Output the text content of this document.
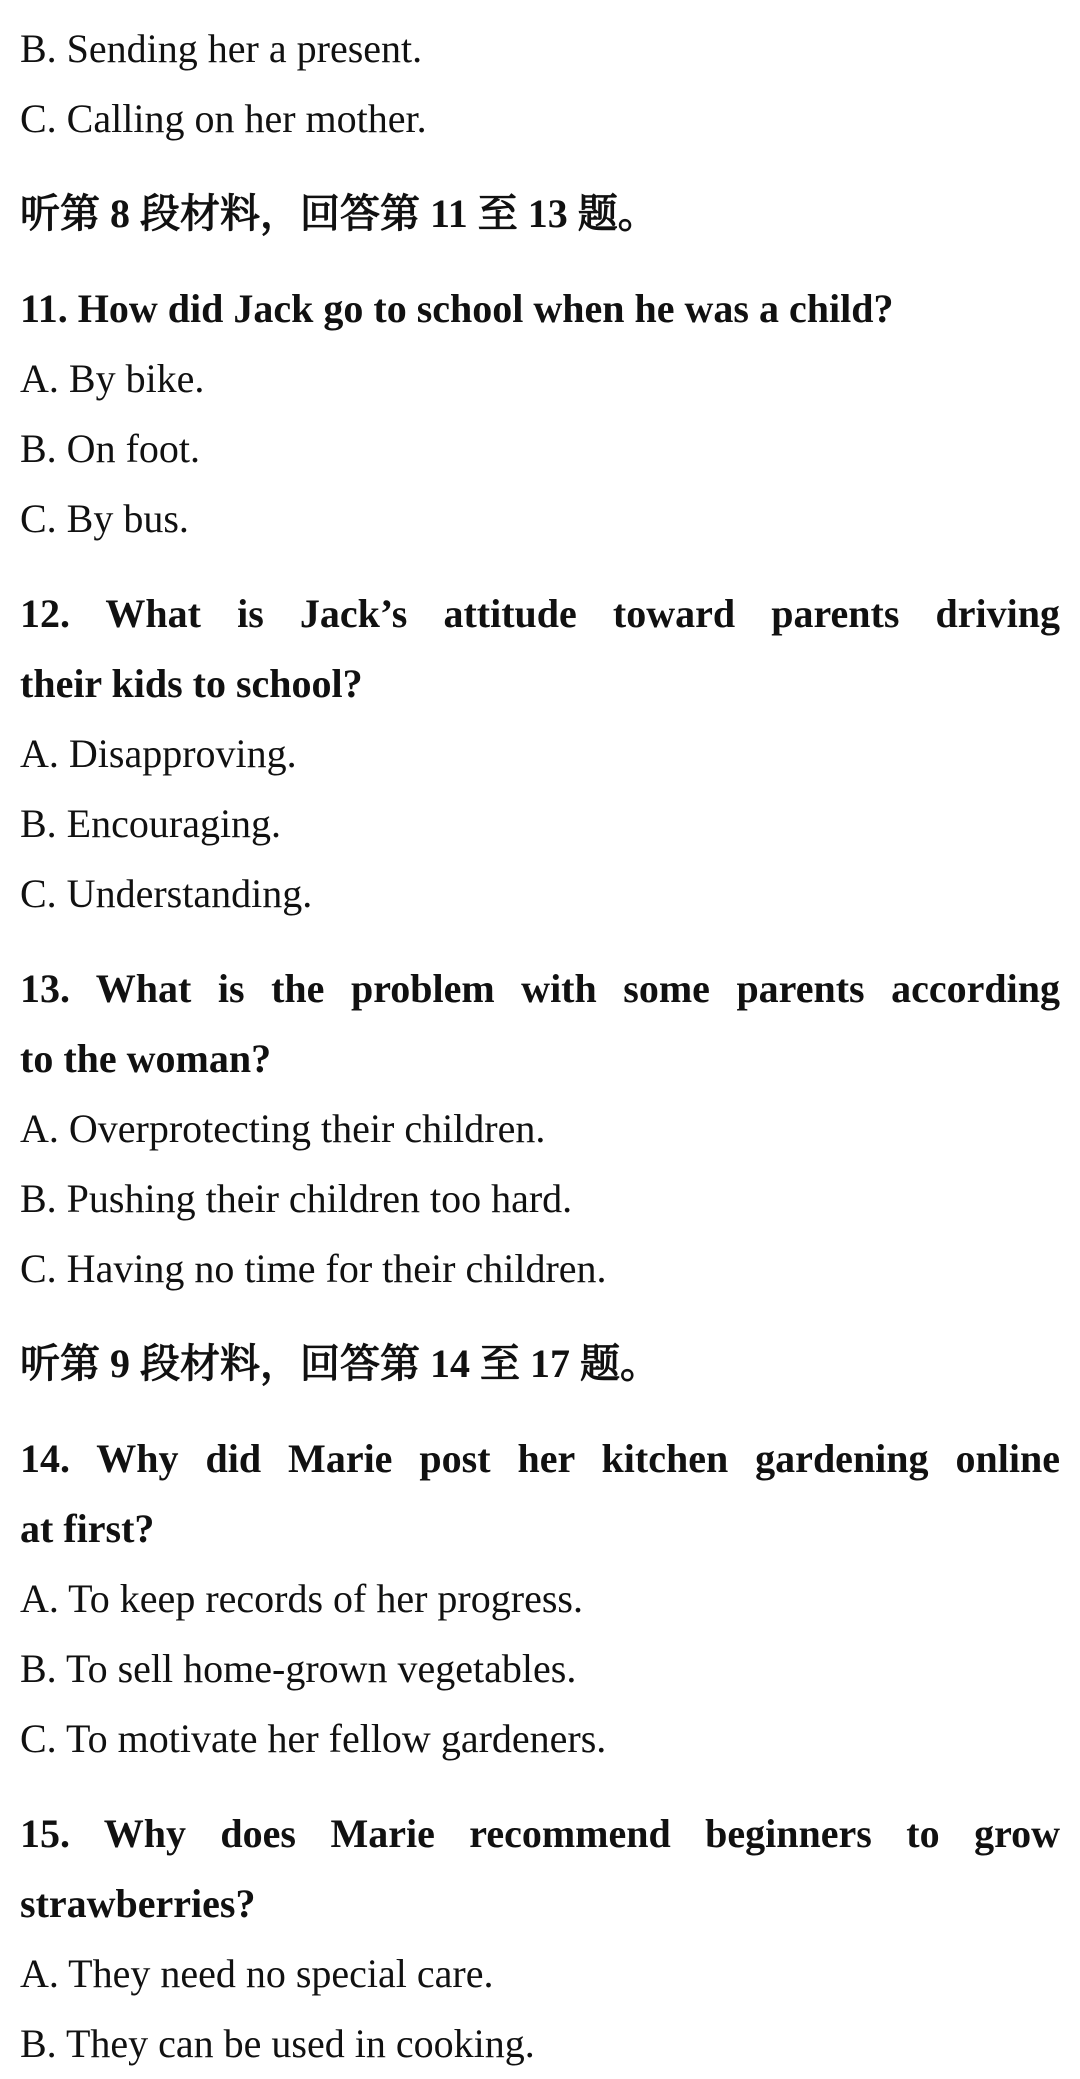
B. Sending her a present.
C. Calling on her mother.
听第 8 段材料，回答第 11 至 13 题。
11. How did Jack go to school when he was a child?
A. By bike.
B. On foot.
C. By bus.
12. What is Jack’s attitude toward parents driving
their kids to school?
A. Disapproving.
B. Encouraging.
C. Understanding.
13. What is the problem with some parents according
to the woman?
A. Overprotecting their children.
B. Pushing their children too hard.
C. Having no time for their children.
听第 9 段材料，回答第 14 至 17 题。
14. Why did Marie post her kitchen gardening online
at first?
A. To keep records of her progress.
B. To sell home-grown vegetables.
C. To motivate her fellow gardeners.
15. Why does Marie recommend beginners to grow
strawberries?
A. They need no special care.
B. They can be used in cooking.
